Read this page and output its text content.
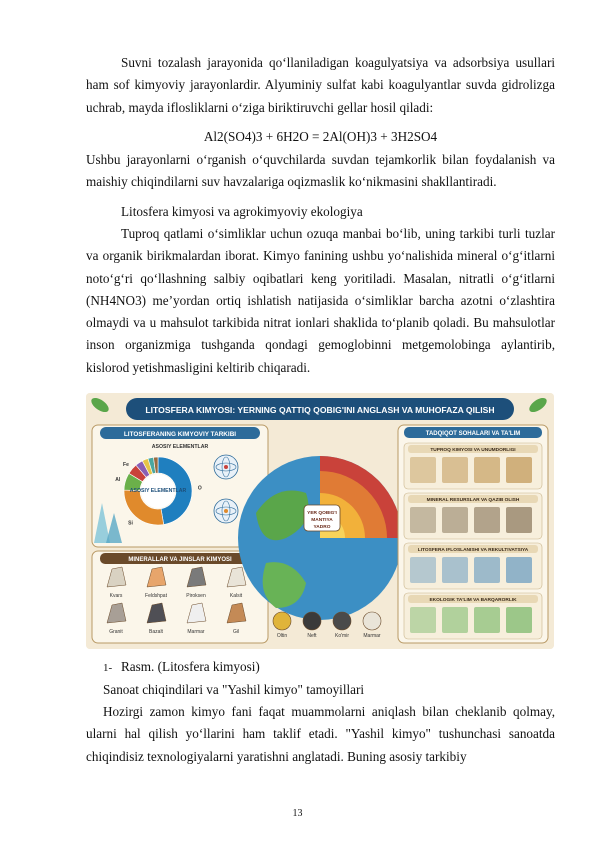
Suvni tozalash jarayonida qo‘llaniladigan koagulyatsiya va adsorbsiya usullari ham sof kimyoviy jarayonlardir. Alyuminiy sulfat kabi koagulyantlar suvda gidrolizga uchrab, mayda iflosliklarni o‘ziga biriktiruvchi gellar hosil qiladi:
Al2(SO4)3 + 6H2O = 2Al(OH)3 + 3H2SO4
Ushbu jarayonlarni o‘rganish o‘quvchilarda suvdan tejamkorlik bilan foydalanish va maishiy chiqindilarni suv havzalariga oqizmaslik ko‘nikmasini shakllantiradi.
Litosfera kimyosi va agrokimyoviy ekologiya
Tuproq qatlami o‘simliklar uchun ozuqa manbai bo‘lib, uning tarkibi turli tuzlar va organik birikmalardan iborat. Kimyo fanining ushbu yo‘nalishida mineral o‘g‘itlarni noto‘g‘ri qo‘llashning salbiy oqibatlari keng yoritiladi. Masalan, nitratli o‘g‘itlarni (NH4NO3) me’yordan ortiq ishlatish natijasida o‘simliklar barcha azotni o‘zlashtira olmaydi va u mahsulot tarkibida nitrat ionlari shaklida to‘planib qoladi. Bu mahsulotlar inson organizmiga tushganda qondagi gemoglobinni metgemolobinga aylantirib, kislorod yetishmasligini keltirib chiqaradi.
LITOSFERA KIMYOSI: YERNING QATTIQ QOBIG'INI ANGLASH VA MUHOFAZA QILISH
LITOSFERANING KIMYOVIY TARKIBI
ASOSIY ELEMENTLAR
O
Si
Al
Fe
ASOSIY ELEMENTLAR
MINERALLAR VA JINSLAR KIMYOSI
Kvars	Feldshpat	Piroksen	Kalsit
Granit	Bazalt	Marmar	Gil
YER QOBIG'I
MANTIYA
YADRO
Oltin	Neft	Ko'mir	Marmar
TADQIQOT SOHALARI VA TA'LIM
TUPROQ KIMYOSI VA UNUMDORLIGI
MINERAL RESURSLAR VA QAZIB OLISH
LITOSFERA IFLOSLANISHI VA REKULTIVATSIYA
EKOLOGIK TA'LIM VA BARQARORLIK
1- Rasm. (Litosfera kimyosi)
Sanoat chiqindilari va "Yashil kimyo" tamoyillari
Hozirgi zamon kimyo fani faqat muammolarni aniqlash bilan cheklanib qolmay, ularni hal qilish yo‘llarini ham taklif etadi. "Yashil kimyo" tushunchasi sanoatda chiqindisiz texnologiyalarni yaratishni anglatadi. Buning asosiy tarkibiy
13
